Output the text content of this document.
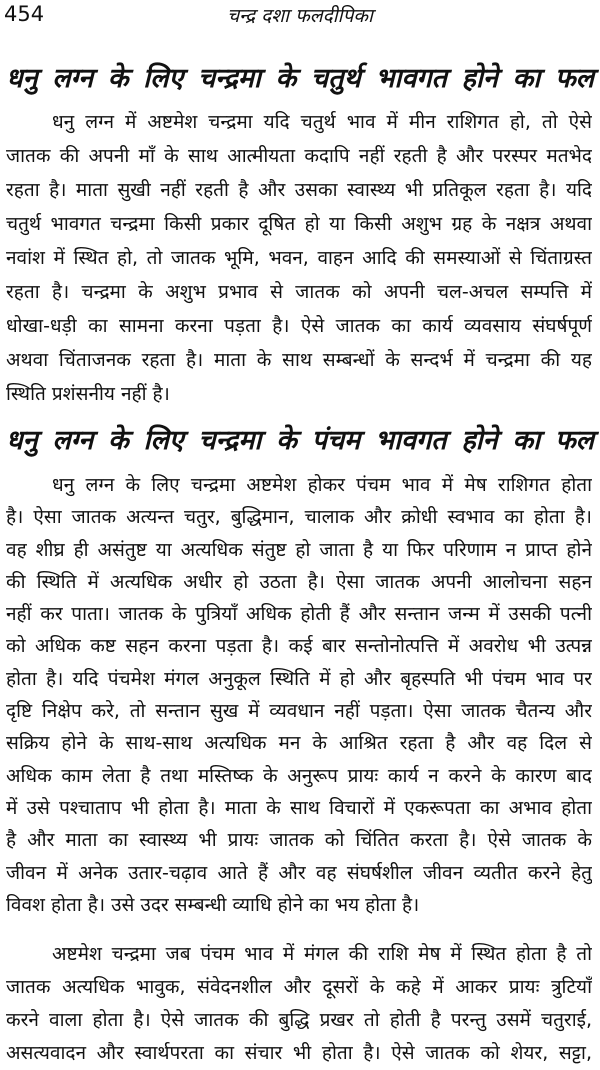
454	चन्द्र दशा फलदीपिका
धनु लग्न के लिए चन्द्रमा के चतुर्थ भावगत होने का फल
धनु लग्न में अष्टमेश चन्द्रमा यदि चतुर्थ भाव में मीन राशिगत हो, तो ऐसे
जातक की अपनी माँ के साथ आत्मीयता कदापि नहीं रहती है और परस्पर मतभेद
रहता है। माता सुखी नहीं रहती है और उसका स्वास्थ्य भी प्रतिकूल रहता है। यदि
चतुर्थ भावगत चन्द्रमा किसी प्रकार दूषित हो या किसी अशुभ ग्रह के नक्षत्र अथवा
नवांश में स्थित हो, तो जातक भूमि, भवन, वाहन आदि की समस्याओं से चिंताग्रस्त
रहता है। चन्द्रमा के अशुभ प्रभाव से जातक को अपनी चल-अचल सम्पत्ति में
धोखा-धड़ी का सामना करना पड़ता है। ऐसे जातक का कार्य व्यवसाय संघर्षपूर्ण
अथवा चिंताजनक रहता है। माता के साथ सम्बन्धों के सन्दर्भ में चन्द्रमा की यह
स्थिति प्रशंसनीय नहीं है।
धनु लग्न के लिए चन्द्रमा के पंचम भावगत होने का फल
धनु लग्न के लिए चन्द्रमा अष्टमेश होकर पंचम भाव में मेष राशिगत होता
है। ऐसा जातक अत्यन्त चतुर, बुद्धिमान, चालाक और क्रोधी स्वभाव का होता है।
वह शीघ्र ही असंतुष्ट या अत्यधिक संतुष्ट हो जाता है या फिर परिणाम न प्राप्त होने
की स्थिति में अत्यधिक अधीर हो उठता है। ऐसा जातक अपनी आलोचना सहन
नहीं कर पाता। जातक के पुत्रियाँ अधिक होती हैं और सन्तान जन्म में उसकी पत्नी
को अधिक कष्ट सहन करना पड़ता है। कई बार सन्तोनोत्पत्ति में अवरोध भी उत्पन्न
होता है। यदि पंचमेश मंगल अनुकूल स्थिति में हो और बृहस्पति भी पंचम भाव पर
दृष्टि निक्षेप करे, तो सन्तान सुख में व्यवधान नहीं पड़ता। ऐसा जातक चैतन्य और
सक्रिय होने के साथ-साथ अत्यधिक मन के आश्रित रहता है और वह दिल से
अधिक काम लेता है तथा मस्तिष्क के अनुरूप प्रायः कार्य न करने के कारण बाद
में उसे पश्चाताप भी होता है। माता के साथ विचारों में एकरूपता का अभाव होता
है और माता का स्वास्थ्य भी प्रायः जातक को चिंतित करता है। ऐसे जातक के
जीवन में अनेक उतार-चढ़ाव आते हैं और वह संघर्षशील जीवन व्यतीत करने हेतु
विवश होता है। उसे उदर सम्बन्धी व्याधि होने का भय होता है।
अष्टमेश चन्द्रमा जब पंचम भाव में मंगल की राशि मेष में स्थित होता है तो
जातक अत्यधिक भावुक, संवेदनशील और दूसरों के कहे में आकर प्रायः त्रुटियाँ
करने वाला होता है। ऐसे जातक की बुद्धि प्रखर तो होती है परन्तु उसमें चतुराई,
असत्यवादन और स्वार्थपरता का संचार भी होता है। ऐसे जातक को शेयर, सट्टा,
